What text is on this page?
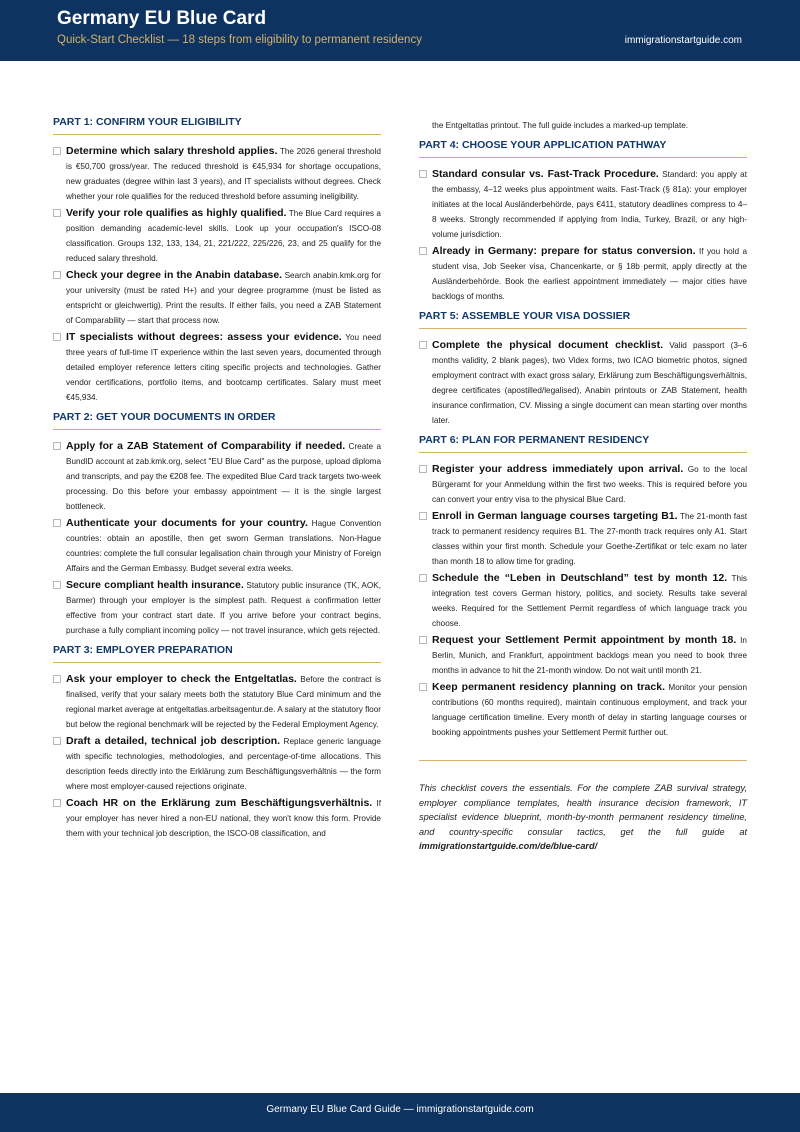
Germany EU Blue Card
Quick-Start Checklist — 18 steps from eligibility to permanent residency	immigrationstartguide.com
PART 1: CONFIRM YOUR ELIGIBILITY
Determine which salary threshold applies. The 2026 general threshold is €50,700 gross/year. The reduced threshold is €45,934 for shortage occupations, new graduates (degree within last 3 years), and IT specialists without degrees. Check whether your role qualifies for the reduced threshold before assuming ineligibility.
Verify your role qualifies as highly qualified. The Blue Card requires a position demanding academic-level skills. Look up your occupation's ISCO-08 classification. Groups 132, 133, 134, 21, 221/222, 225/226, 23, and 25 qualify for the reduced salary threshold.
Check your degree in the Anabin database. Search anabin.kmk.org for your university (must be rated H+) and your degree programme (must be listed as entspricht or gleichwertig). Print the results. If either fails, you need a ZAB Statement of Comparability — start that process now.
IT specialists without degrees: assess your evidence. You need three years of full-time IT experience within the last seven years, documented through detailed employer reference letters citing specific projects and technologies. Gather vendor certifications, portfolio items, and bootcamp certificates. Salary must meet €45,934.
PART 2: GET YOUR DOCUMENTS IN ORDER
Apply for a ZAB Statement of Comparability if needed. Create a BundID account at zab.kmk.org, select "EU Blue Card" as the purpose, upload diploma and transcripts, and pay the €208 fee. The expedited Blue Card track targets two-week processing. Do this before your embassy appointment — it is the single largest bottleneck.
Authenticate your documents for your country. Hague Convention countries: obtain an apostille, then get sworn German translations. Non-Hague countries: complete the full consular legalisation chain through your Ministry of Foreign Affairs and the German Embassy. Budget several extra weeks.
Secure compliant health insurance. Statutory public insurance (TK, AOK, Barmer) through your employer is the simplest path. Request a confirmation letter effective from your contract start date. If you arrive before your contract begins, purchase a fully compliant incoming policy — not travel insurance, which gets rejected.
PART 3: EMPLOYER PREPARATION
Ask your employer to check the Entgeltatlas. Before the contract is finalised, verify that your salary meets both the statutory Blue Card minimum and the regional market average at entgeltatlas.arbeitsagentur.de. A salary at the statutory floor but below the regional benchmark will be rejected by the Federal Employment Agency.
Draft a detailed, technical job description. Replace generic language with specific technologies, methodologies, and percentage-of-time allocations. This description feeds directly into the Erklärung zum Beschäftigungsverhältnis — the form where most employer-caused rejections originate.
Coach HR on the Erklärung zum Beschäftigungsverhältnis. If your employer has never hired a non-EU national, they won't know this form. Provide them with your technical job description, the ISCO-08 classification, and
the Entgeltatlas printout. The full guide includes a marked-up template.
PART 4: CHOOSE YOUR APPLICATION PATHWAY
Standard consular vs. Fast-Track Procedure. Standard: you apply at the embassy, 4–12 weeks plus appointment waits. Fast-Track (§ 81a): your employer initiates at the local Ausländerbehörde, pays €411, statutory deadlines compress to 4–8 weeks. Strongly recommended if applying from India, Turkey, Brazil, or any high-volume jurisdiction.
Already in Germany: prepare for status conversion. If you hold a student visa, Job Seeker visa, Chancenkarte, or § 18b permit, apply directly at the Ausländerbehörde. Book the earliest appointment immediately — major cities have backlogs of months.
PART 5: ASSEMBLE YOUR VISA DOSSIER
Complete the physical document checklist. Valid passport (3–6 months validity, 2 blank pages), two Videx forms, two ICAO biometric photos, signed employment contract with exact gross salary, Erklärung zum Beschäftigungsverhältnis, degree certificates (apostilled/legalised), Anabin printouts or ZAB Statement, health insurance confirmation, CV. Missing a single document can mean starting over months later.
PART 6: PLAN FOR PERMANENT RESIDENCY
Register your address immediately upon arrival. Go to the local Bürgeramt for your Anmeldung within the first two weeks. This is required before you can convert your entry visa to the physical Blue Card.
Enroll in German language courses targeting B1. The 21-month fast track to permanent residency requires B1. The 27-month track requires only A1. Start classes within your first month. Schedule your Goethe-Zertifikat or telc exam no later than month 18 to allow time for grading.
Schedule the “Leben in Deutschland” test by month 12. This integration test covers German history, politics, and society. Results take several weeks. Required for the Settlement Permit regardless of which language track you choose.
Request your Settlement Permit appointment by month 18. In Berlin, Munich, and Frankfurt, appointment backlogs mean you need to book three months in advance to hit the 21-month window. Do not wait until month 21.
Keep permanent residency planning on track. Monitor your pension contributions (60 months required), maintain continuous employment, and track your language certification timeline. Every month of delay in starting language courses or booking appointments pushes your Settlement Permit further out.

This checklist covers the essentials. For the complete ZAB survival strategy, employer compliance templates, health insurance decision framework, IT specialist evidence blueprint, month-by-month permanent residency timeline, and country-specific consular tactics, get the full guide at immigrationstartguide.com/de/blue-card/

Germany EU Blue Card Guide — immigrationstartguide.com
